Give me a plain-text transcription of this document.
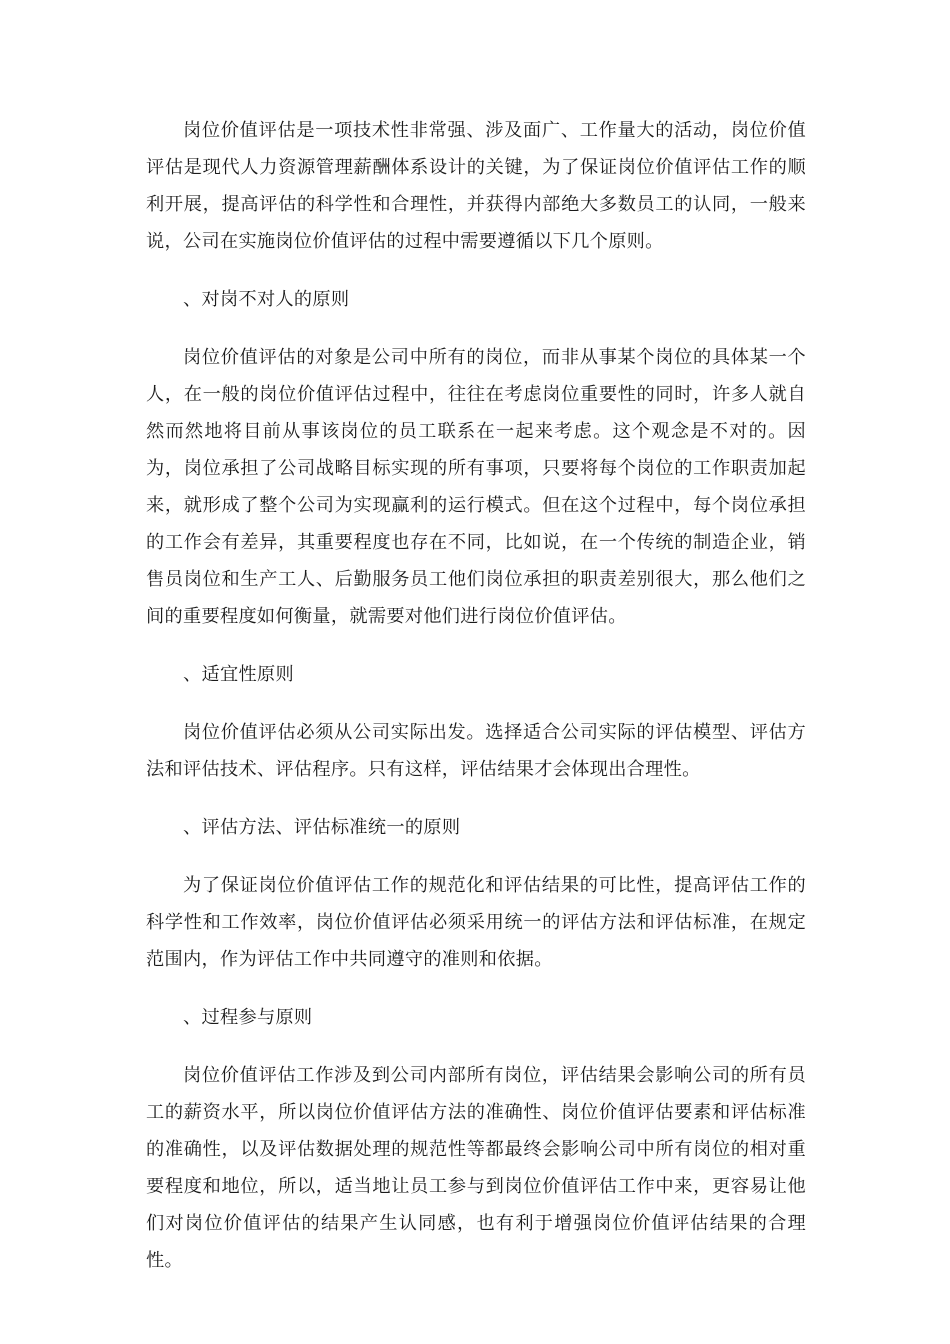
岗位价值评估是一项技术性非常强、涉及面广、工作量大的活动，岗位价值评估是现代人力资源管理薪酬体系设计的关键，为了保证岗位价值评估工作的顺利开展，提高评估的科学性和合理性，并获得内部绝大多数员工的认同，一般来说，公司在实施岗位价值评估的过程中需要遵循以下几个原则。

、对岗不对人的原则

岗位价值评估的对象是公司中所有的岗位，而非从事某个岗位的具体某一个人，在一般的岗位价值评估过程中，往往在考虑岗位重要性的同时，许多人就自然而然地将目前从事该岗位的员工联系在一起来考虑。这个观念是不对的。因为，岗位承担了公司战略目标实现的所有事项，只要将每个岗位的工作职责加起来，就形成了整个公司为实现赢利的运行模式。但在这个过程中，每个岗位承担的工作会有差异，其重要程度也存在不同，比如说，在一个传统的制造企业，销售员岗位和生产工人、后勤服务员工他们岗位承担的职责差别很大，那么他们之间的重要程度如何衡量，就需要对他们进行岗位价值评估。

、适宜性原则

岗位价值评估必须从公司实际出发。选择适合公司实际的评估模型、评估方法和评估技术、评估程序。只有这样，评估结果才会体现出合理性。

、评估方法、评估标准统一的原则

为了保证岗位价值评估工作的规范化和评估结果的可比性，提高评估工作的科学性和工作效率，岗位价值评估必须采用统一的评估方法和评估标准，在规定范围内，作为评估工作中共同遵守的准则和依据。

、过程参与原则

岗位价值评估工作涉及到公司内部所有岗位，评估结果会影响公司的所有员工的薪资水平，所以岗位价值评估方法的准确性、岗位价值评估要素和评估标准的准确性，以及评估数据处理的规范性等都最终会影响公司中所有岗位的相对重要程度和地位，所以，适当地让员工参与到岗位价值评估工作中来，更容易让他们对岗位价值评估的结果产生认同感，也有利于增强岗位价值评估结果的合理性。
